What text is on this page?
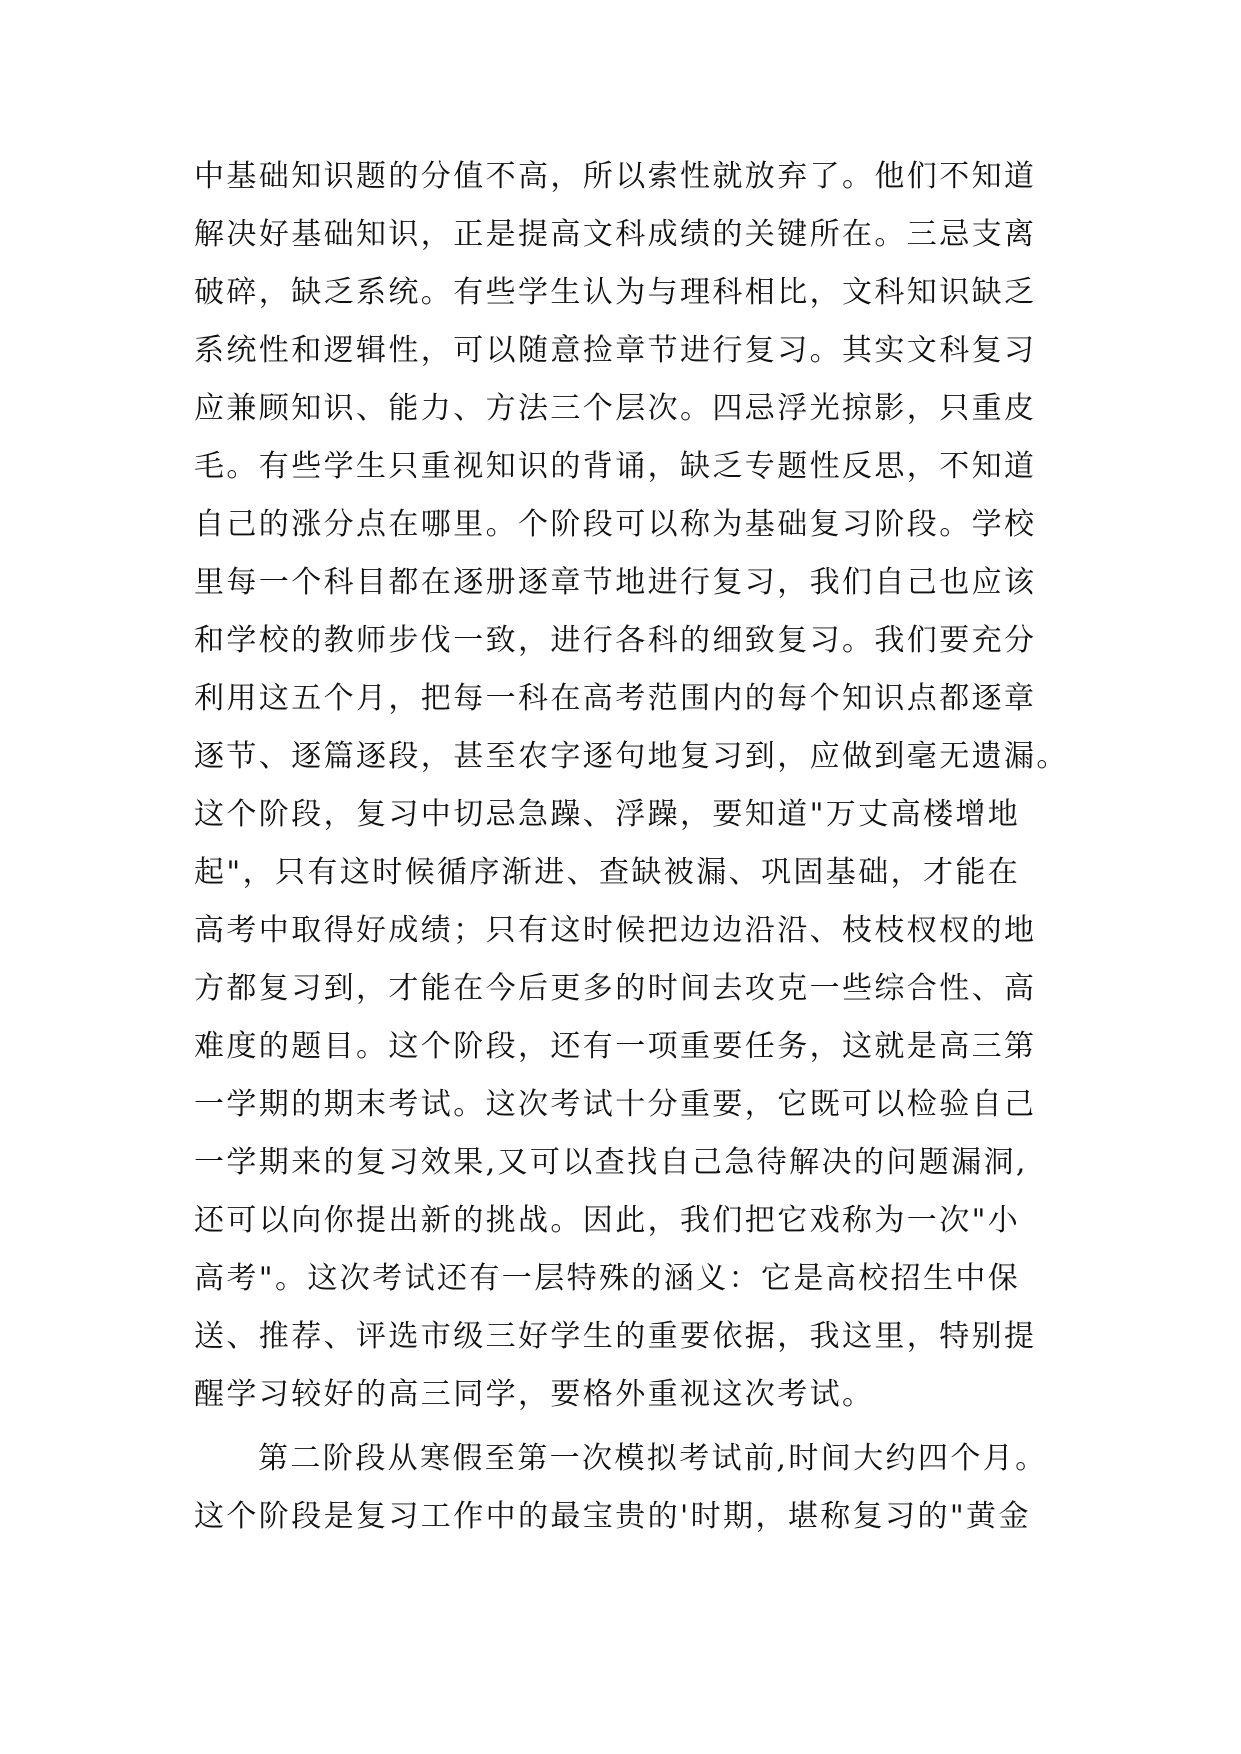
中基础知识题的分值不高，所以索性就放弃了。他们不知道
解决好基础知识，正是提高文科成绩的关键所在。三忌支离
破碎，缺乏系统。有些学生认为与理科相比，文科知识缺乏
系统性和逻辑性，可以随意捡章节进行复习。其实文科复习
应兼顾知识、能力、方法三个层次。四忌浮光掠影，只重皮
毛。有些学生只重视知识的背诵，缺乏专题性反思，不知道
自己的涨分点在哪里。个阶段可以称为基础复习阶段。学校
里每一个科目都在逐册逐章节地进行复习，我们自己也应该
和学校的教师步伐一致，进行各科的细致复习。我们要充分
利用这五个月，把每一科在高考范围内的每个知识点都逐章
逐节、逐篇逐段，甚至农字逐句地复习到，应做到毫无遗漏。
这个阶段，复习中切忌急躁、浮躁，要知道"万丈高楼增地
起"，只有这时候循序渐进、查缺被漏、巩固基础，才能在
高考中取得好成绩；只有这时候把边边沿沿、枝枝杈杈的地
方都复习到，才能在今后更多的时间去攻克一些综合性、高
难度的题目。这个阶段，还有一项重要任务，这就是高三第
一学期的期末考试。这次考试十分重要，它既可以检验自己
一学期来的复习效果,又可以查找自己急待解决的问题漏洞,
还可以向你提出新的挑战。因此，我们把它戏称为一次"小
高考"。这次考试还有一层特殊的涵义：它是高校招生中保
送、推荐、评选市级三好学生的重要依据，我这里，特别提
醒学习较好的高三同学，要格外重视这次考试。
第二阶段从寒假至第一次模拟考试前,时间大约四个月。
这个阶段是复习工作中的最宝贵的'时期，堪称复习的"黄金
